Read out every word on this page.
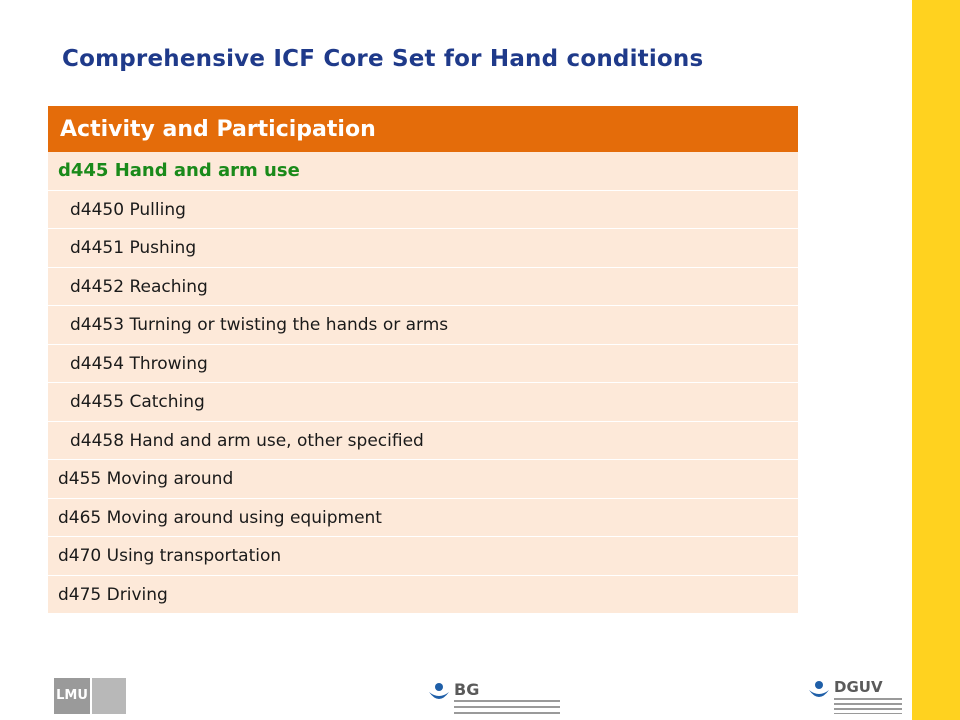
Comprehensive ICF Core Set for Hand conditions
Activity and Participation
d445 Hand and arm use
d4450 Pulling
d4451 Pushing
d4452 Reaching
d4453 Turning or twisting the hands or arms
d4454 Throwing
d4455 Catching
d4458 Hand and arm use, other specified
d455 Moving around
d465 Moving around using equipment
d470 Using transportation
d475 Driving
LMU	BG	DGUV
